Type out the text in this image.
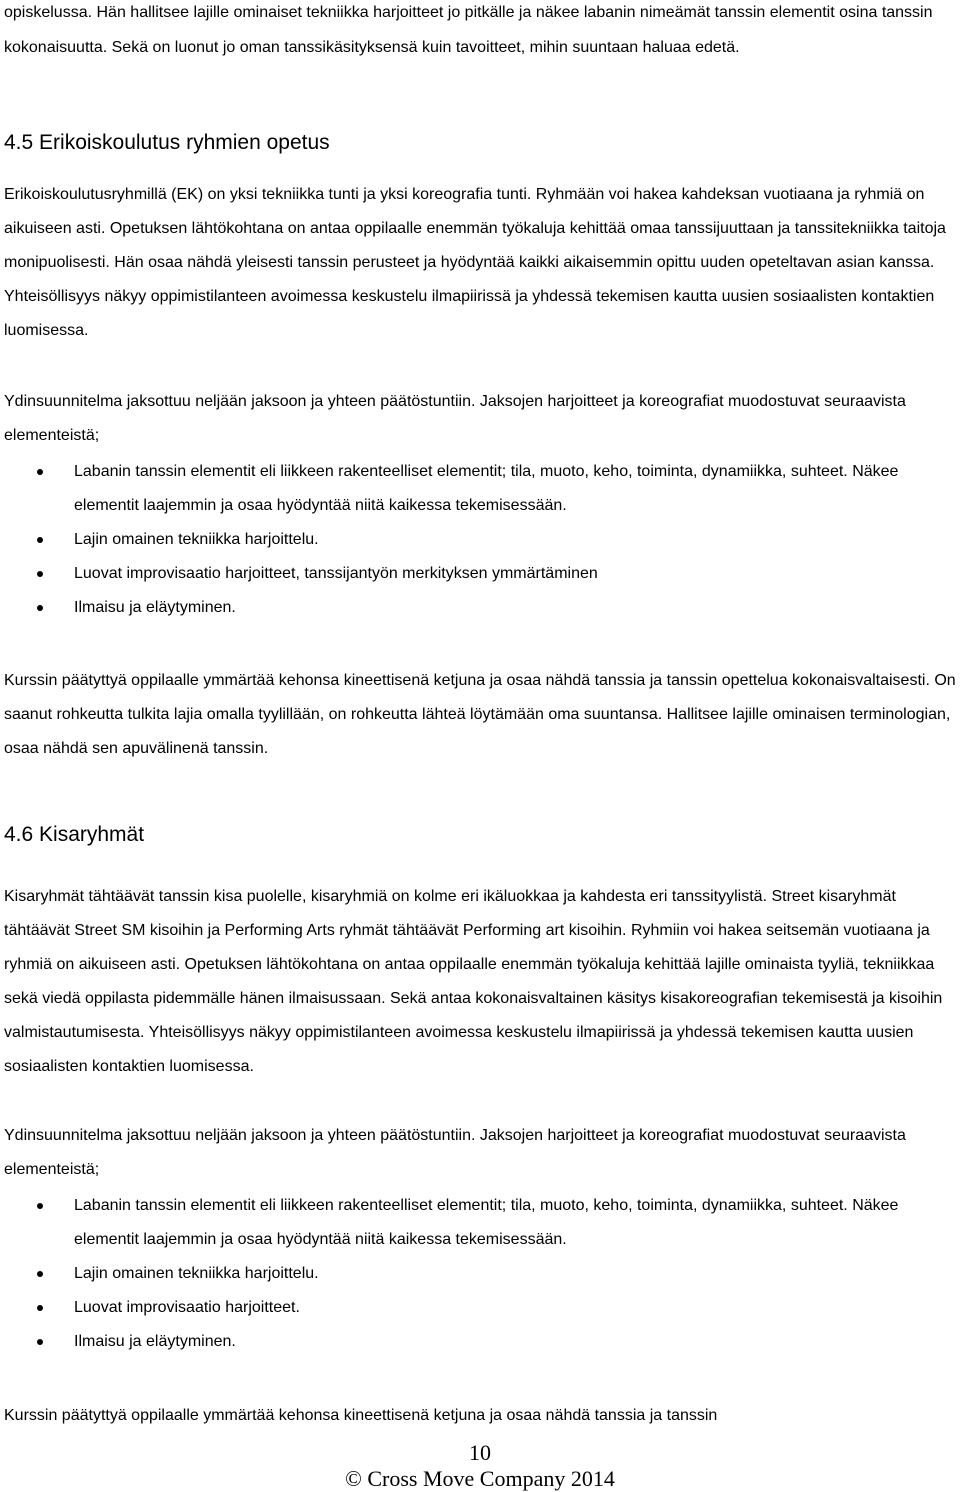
opiskelussa. Hän hallitsee lajille ominaiset tekniikka harjoitteet jo pitkälle ja näkee labanin nimeämät tanssin elementit osina tanssin kokonaisuutta. Sekä on luonut jo oman tanssikäsityksensä kuin tavoitteet, mihin suuntaan haluaa edetä.

4.5 Erikoiskoulutus ryhmien opetus

Erikoiskoulutusryhmillä (EK) on yksi tekniikka tunti ja yksi koreografia tunti. Ryhmään voi hakea kahdeksan vuotiaana ja ryhmiä on aikuiseen asti. Opetuksen lähtökohtana on antaa oppilaalle enemmän työkaluja kehittää omaa tanssijuuttaan ja tanssitekniikka taitoja monipuolisesti. Hän osaa nähdä yleisesti tanssin perusteet ja hyödyntää kaikki aikaisemmin opittu uuden opeteltavan asian kanssa. Yhteisöllisyys näkyy oppimistilanteen avoimessa keskustelu ilmapiirissä ja yhdessä tekemisen kautta uusien sosiaalisten kontaktien luomisessa.

Ydinsuunnitelma jaksottuu neljään jaksoon ja yhteen päätöstuntiin. Jaksojen harjoitteet ja koreografiat muodostuvat seuraavista elementeistä;

Labanin tanssin elementit eli liikkeen rakenteelliset elementit; tila, muoto, keho, toiminta, dynamiikka, suhteet. Näkee elementit laajemmin ja osaa hyödyntää niitä kaikessa tekemisessään.
Lajin omainen tekniikka harjoittelu.
Luovat improvisaatio harjoitteet, tanssijantyön merkityksen ymmärtäminen
Ilmaisu ja eläytyminen.

Kurssin päätyttyä oppilaalle ymmärtää kehonsa kineettisenä ketjuna ja osaa nähdä tanssia ja tanssin opettelua kokonaisvaltaisesti. On saanut rohkeutta tulkita lajia omalla tyylillään, on rohkeutta lähteä löytämään oma suuntansa. Hallitsee lajille ominaisen terminologian, osaa nähdä sen apuvälinenä tanssin.

4.6 Kisaryhmät

Kisaryhmät tähtäävät tanssin kisa puolelle, kisaryhmiä on kolme eri ikäluokkaa ja kahdesta eri tanssityylistä. Street kisaryhmät tähtäävät Street SM kisoihin ja Performing Arts ryhmät tähtäävät Performing art kisoihin. Ryhmiin voi hakea seitsemän vuotiaana ja ryhmiä on aikuiseen asti. Opetuksen lähtökohtana on antaa oppilaalle enemmän työkaluja kehittää lajille ominaista tyyliä, tekniikkaa sekä viedä oppilasta pidemmälle hänen ilmaisussaan. Sekä antaa kokonaisvaltainen käsitys kisakoreografian tekemisestä ja kisoihin valmistautumisesta. Yhteisöllisyys näkyy oppimistilanteen avoimessa keskustelu ilmapiirissä ja yhdessä tekemisen kautta uusien sosiaalisten kontaktien luomisessa.

Ydinsuunnitelma jaksottuu neljään jaksoon ja yhteen päätöstuntiin. Jaksojen harjoitteet ja koreografiat muodostuvat seuraavista elementeistä;

Labanin tanssin elementit eli liikkeen rakenteelliset elementit; tila, muoto, keho, toiminta, dynamiikka, suhteet. Näkee elementit laajemmin ja osaa hyödyntää niitä kaikessa tekemisessään.
Lajin omainen tekniikka harjoittelu.
Luovat improvisaatio harjoitteet.
Ilmaisu ja eläytyminen.

Kurssin päätyttyä oppilaalle ymmärtää kehonsa kineettisenä ketjuna ja osaa nähdä tanssia ja tanssin

10
© Cross Move Company 2014
